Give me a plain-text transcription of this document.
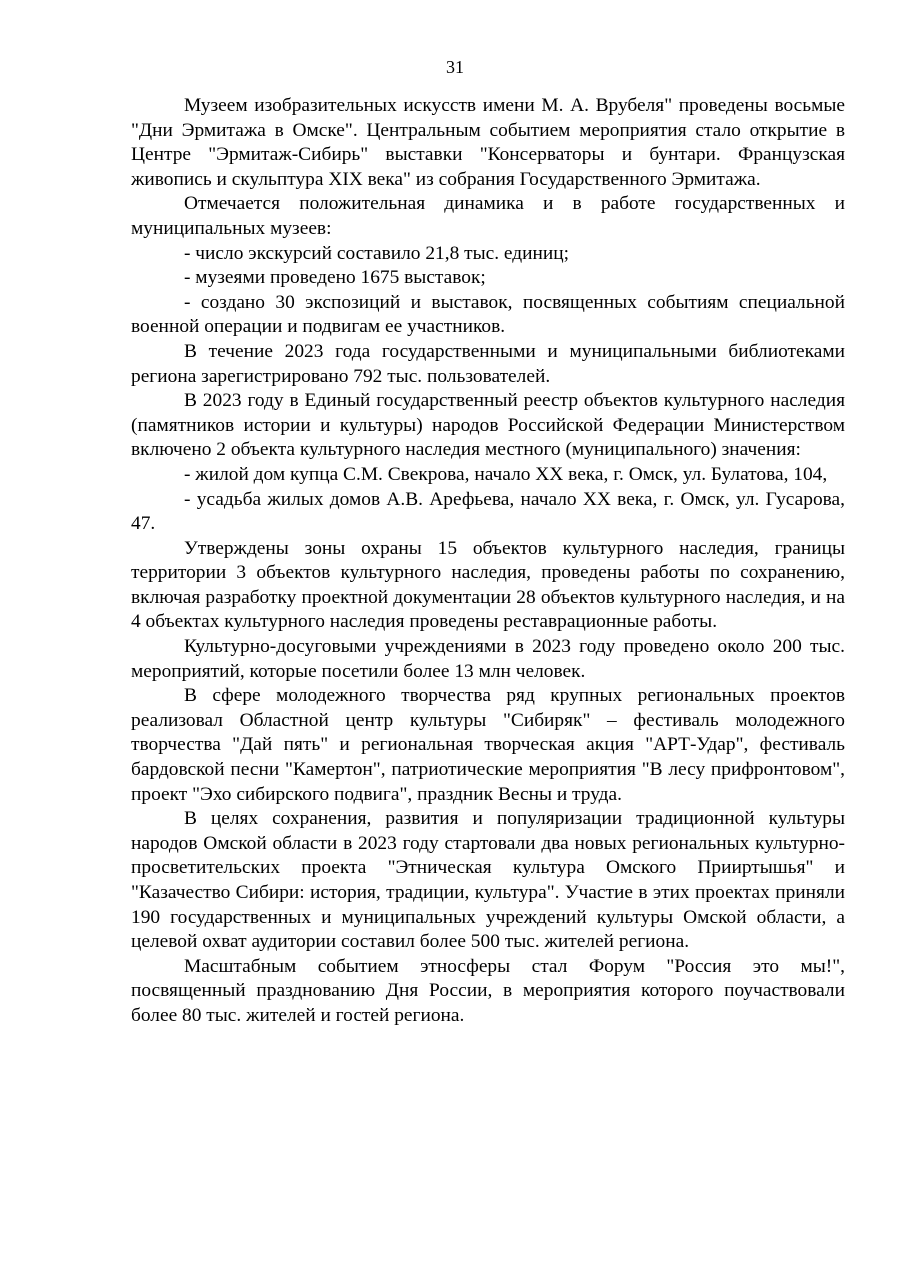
31

Музеем изобразительных искусств имени М. А. Врубеля" проведены восьмые "Дни Эрмитажа в Омске". Центральным событием мероприятия стало открытие в Центре "Эрмитаж-Сибирь" выставки "Консерваторы и бунтари. Французская живопись и скульптура XIX века" из собрания Государственного Эрмитажа.

Отмечается положительная динамика и в работе государственных и муниципальных музеев:

- число экскурсий составило 21,8 тыс. единиц;

- музеями проведено 1675 выставок;

- создано 30 экспозиций и выставок, посвященных событиям специальной военной операции и подвигам ее участников.

В течение 2023 года государственными и муниципальными библиотеками региона зарегистрировано 792 тыс. пользователей.

В 2023 году в Единый государственный реестр объектов культурного наследия (памятников истории и культуры) народов Российской Федерации Министерством включено 2 объекта культурного наследия местного (муниципального) значения:

- жилой дом купца С.М. Свекрова, начало XX века, г. Омск, ул. Булатова, 104,

- усадьба жилых домов А.В. Арефьева, начало XX века, г. Омск, ул. Гусарова, 47.

Утверждены зоны охраны 15 объектов культурного наследия, границы территории 3 объектов культурного наследия, проведены работы по сохранению, включая разработку проектной документации 28 объектов культурного наследия, и на 4 объектах культурного наследия проведены реставрационные работы.

Культурно-досуговыми учреждениями в 2023 году проведено около 200 тыс. мероприятий, которые посетили более 13 млн человек.

В сфере молодежного творчества ряд крупных региональных проектов реализовал Областной центр культуры "Сибиряк" – фестиваль молодежного творчества "Дай пять" и региональная творческая акция "АРТ-Удар", фестиваль бардовской песни "Камертон", патриотические мероприятия "В лесу прифронтовом", проект "Эхо сибирского подвига", праздник Весны и труда.

В целях сохранения, развития и популяризации традиционной культуры народов Омской области в 2023 году стартовали два новых региональных культурно-просветительских проекта "Этническая культура Омского Прииртышья" и "Казачество Сибири: история, традиции, культура". Участие в этих проектах приняли 190 государственных и муниципальных учреждений культуры Омской области, а целевой охват аудитории составил более 500 тыс. жителей региона.

Масштабным событием этносферы стал Форум "Россия это мы!", посвященный празднованию Дня России, в мероприятия которого поучаствовали более 80 тыс. жителей и гостей региона.
